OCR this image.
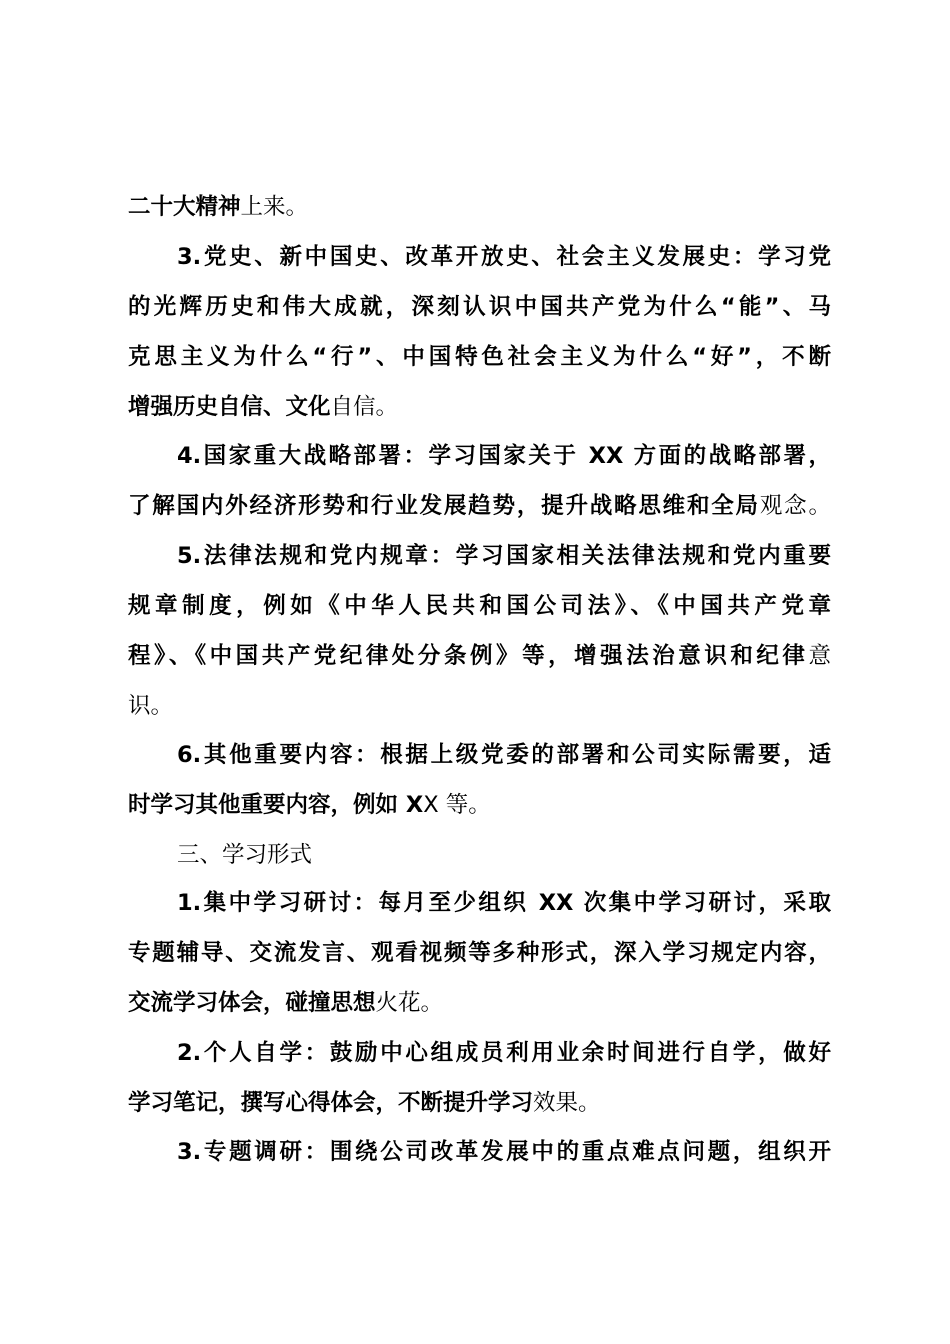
二十大精神上来。
3.党史、新中国史、改革开放史、社会主义发展史：学习党
的光辉历史和伟大成就，深刻认识中国共产党为什么“能”、马
克思主义为什么“行”、中国特色社会主义为什么“好”，不断
增强历史自信、文化自信。
4.国家重大战略部署：学习国家关于 XX 方面的战略部署，
了解国内外经济形势和行业发展趋势，提升战略思维和全局观念。
5.法律法规和党内规章：学习国家相关法律法规和党内重要
规章制度，例如《中华人民共和国公司法》、《中国共产党章
程》、《中国共产党纪律处分条例》等，增强法治意识和纪律意
识。
6.其他重要内容：根据上级党委的部署和公司实际需要，适
时学习其他重要内容，例如 XX 等。
三、学习形式
1.集中学习研讨：每月至少组织 XX 次集中学习研讨，采取
专题辅导、交流发言、观看视频等多种形式，深入学习规定内容，
交流学习体会，碰撞思想火花。
2.个人自学：鼓励中心组成员利用业余时间进行自学，做好
学习笔记，撰写心得体会，不断提升学习效果。
3.专题调研：围绕公司改革发展中的重点难点问题，组织开
